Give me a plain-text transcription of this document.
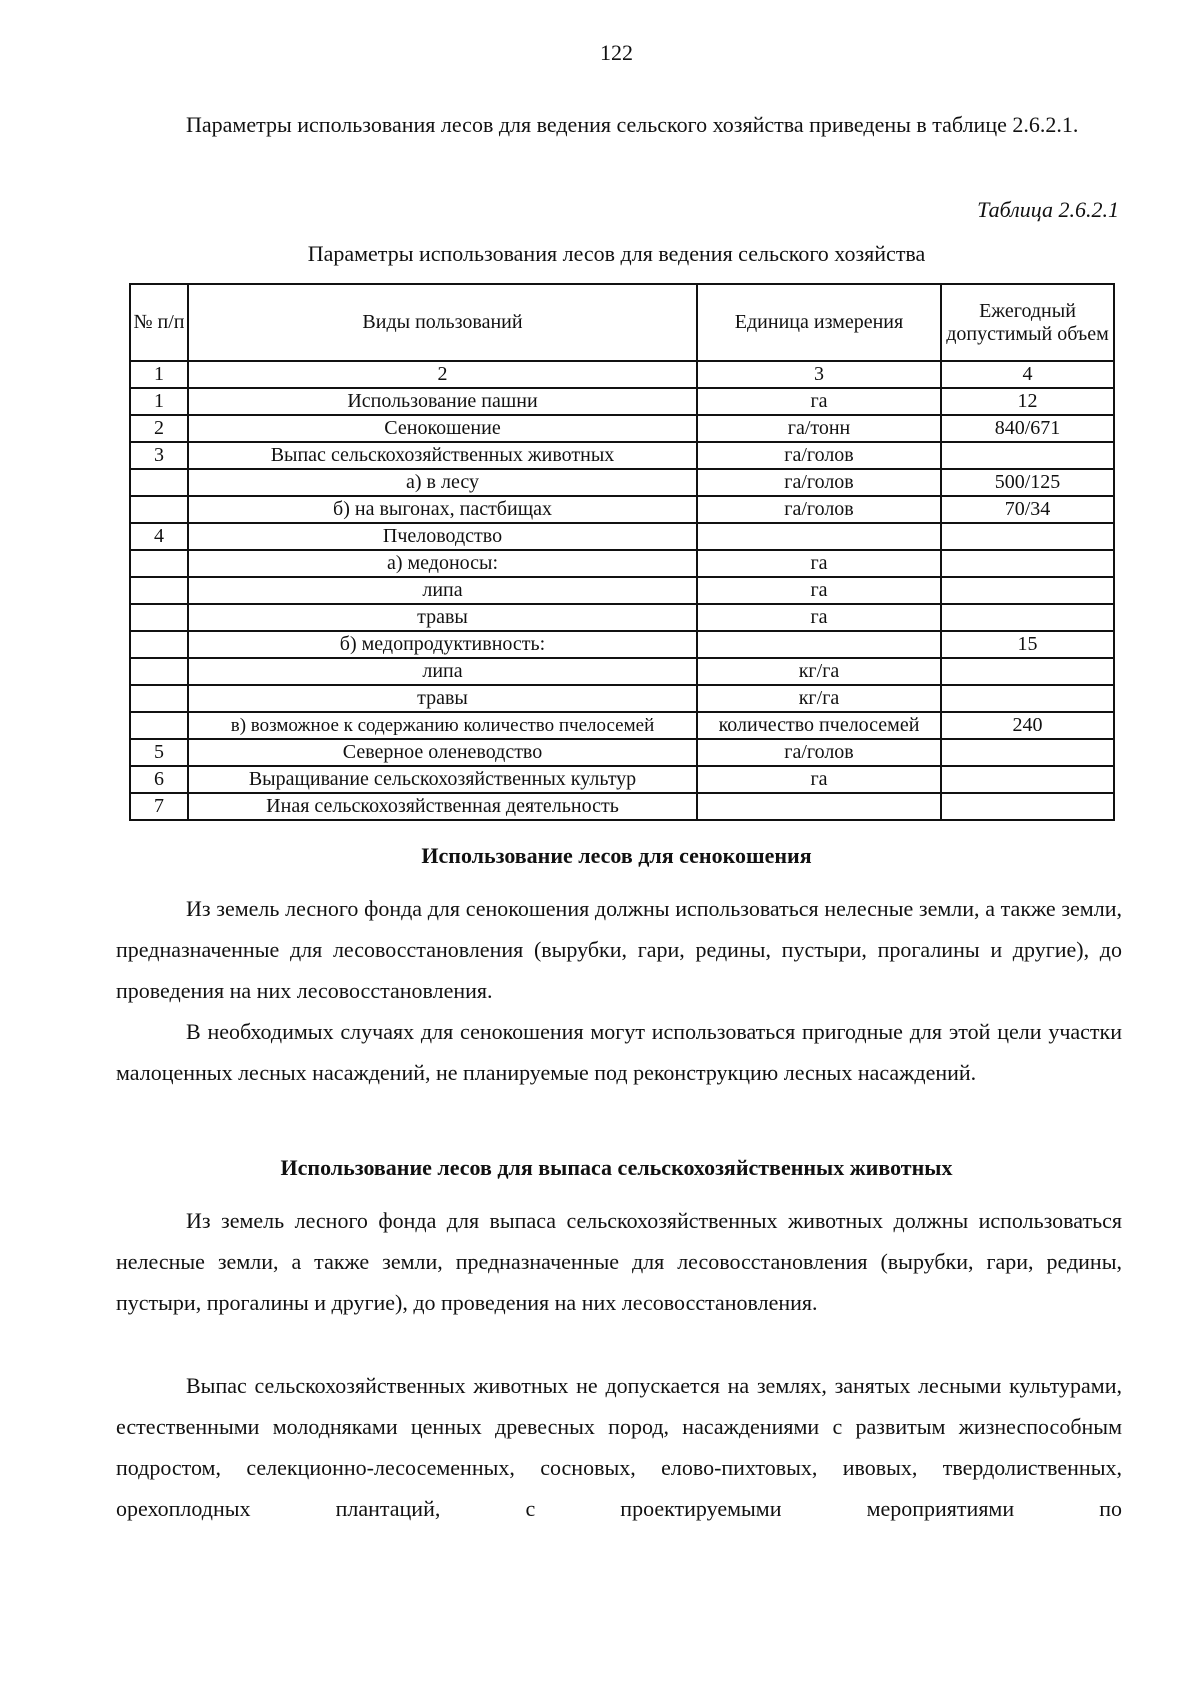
122

Параметры использования лесов для ведения сельского хозяйства приведены в таблице 2.6.2.1.

Таблица 2.6.2.1
Параметры использования лесов для ведения сельского хозяйства
№ п/п	Виды пользований	Единица измерения	Ежегодный допустимый объем
1	2	3	4
1	Использование пашни	га	12
2	Сенокошение	га/тонн	840/671
3	Выпас сельскохозяйственных животных	га/голов	
	а) в лесу	га/голов	500/125
	б) на выгонах, пастбищах	га/голов	70/34
4	Пчеловодство		
	а) медоносы:	га	
	липа	га	
	травы	га	
	б) медопродуктивность:		15
	липа	кг/га	
	травы	кг/га	
	в) возможное к содержанию количество пчелосемей	количество пчелосемей	240
5	Северное оленеводство	га/голов	
6	Выращивание сельскохозяйственных культур	га	
7	Иная сельскохозяйственная деятельность		
Использование лесов для сенокошения

Из земель лесного фонда для сенокошения должны использоваться нелесные земли, а также земли, предназначенные для лесовосстановления (вырубки, гари, редины, пустыри, прогалины и другие), до проведения на них лесовосстановления.

В необходимых случаях для сенокошения могут использоваться пригодные для этой цели участки малоценных лесных насаждений, не планируемые под реконструкцию лесных насаждений.

Использование лесов для выпаса сельскохозяйственных животных

Из земель лесного фонда для выпаса сельскохозяйственных животных должны использоваться нелесные земли, а также земли, предназначенные для лесовосстановления (вырубки, гари, редины, пустыри, прогалины и другие), до проведения на них лесовосстановления.

Выпас сельскохозяйственных животных не допускается на землях, занятых лесными культурами, естественными молодняками ценных древесных пород, насаждениями с развитым жизнеспособным подростом, селекционно-лесосеменных, сосновых, елово-пихтовых, ивовых, твердолиственных, орехоплодных плантаций, с проектируемыми мероприятиями по
